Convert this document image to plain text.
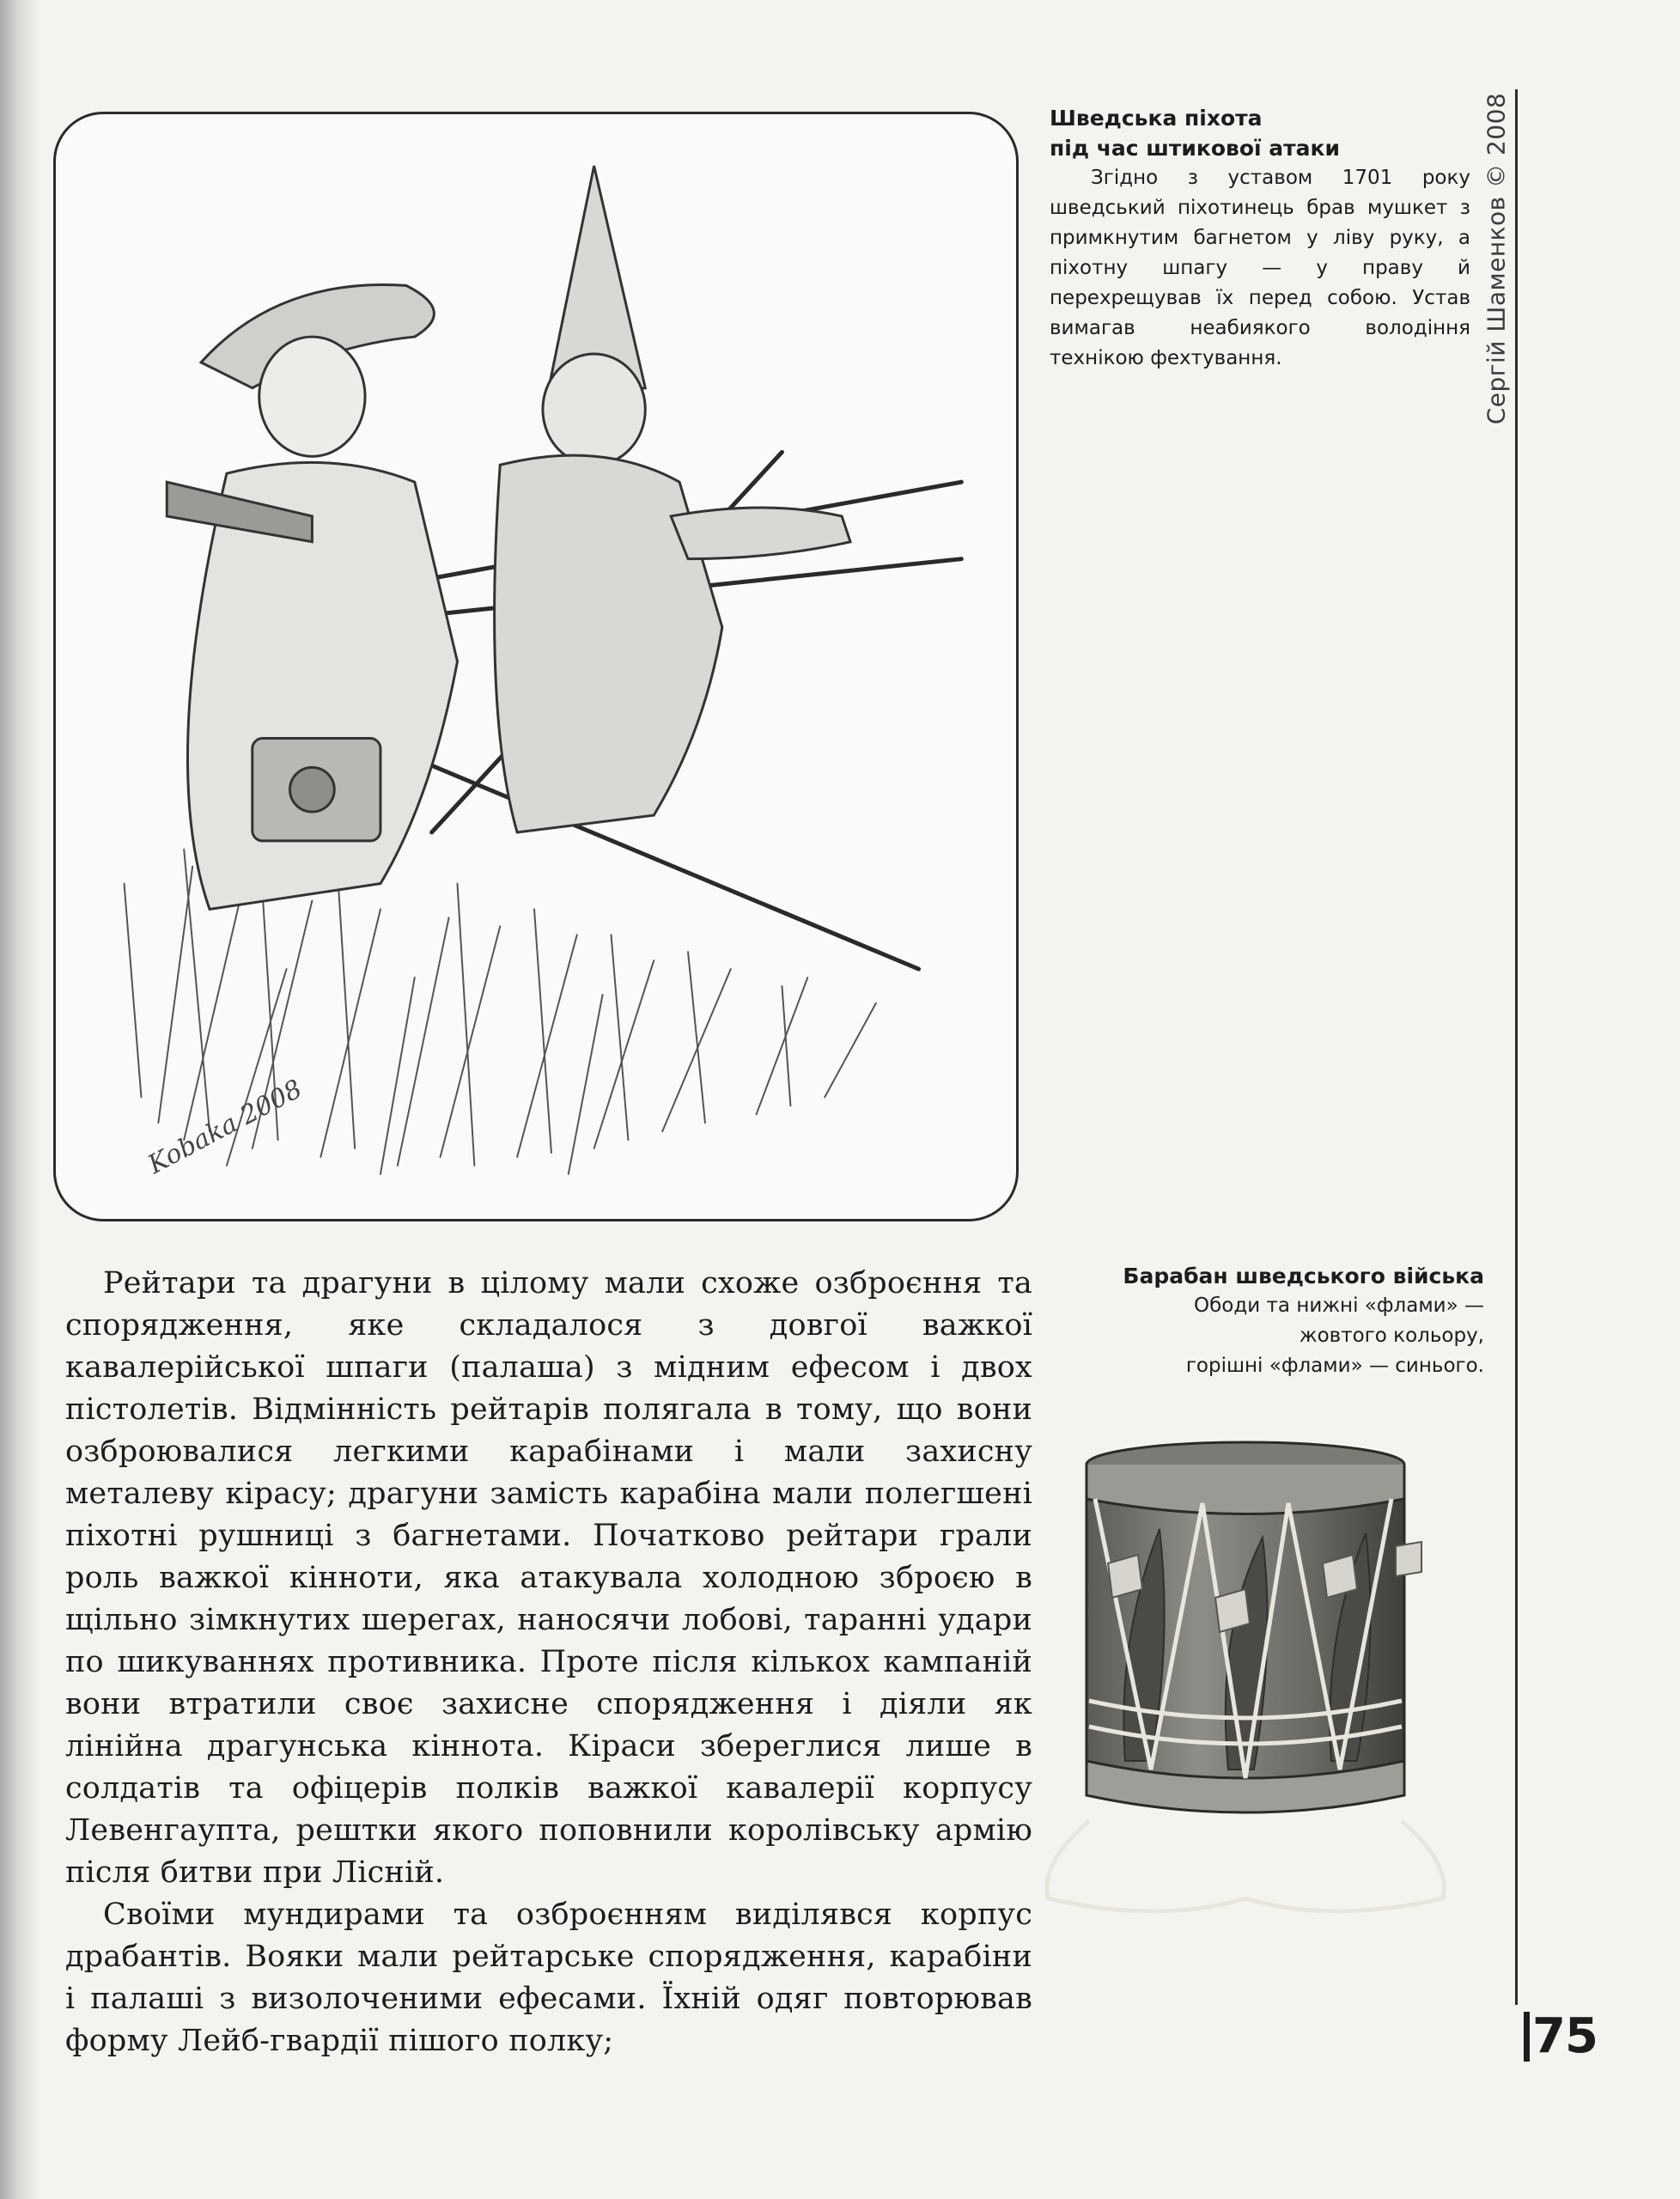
Kobaka 2008
Шведська піхота
під час штикової атаки
Згідно з уставом 1701 року шведський піхотинець брав мушкет з примкнутим багнетом у ліву руку, а піхотну шпагу — у праву й перехрещував їх перед собою. Устав вимагав неабиякого володіння технікою фехтування.	Сергій Шаменков © 2008
Барабан шведського війська
Ободи та нижні «флами» —
жовтого кольору,
горішні «флами» — синього.

Рейтари та драгуни в цілому мали схоже озброєння та спорядження, яке складалося з довгої важкої кавалерійської шпаги (палаша) з мідним ефесом і двох пістолетів. Відмінність рейтарів полягала в тому, що вони озброювалися легкими карабінами і мали захисну металеву кірасу; драгуни замість карабіна мали полегшені піхотні рушниці з багнетами. Початково рейтари грали роль важкої кінноти, яка атакувала холодною зброєю в щільно зімкнутих шерегах, наносячи лобові, таранні удари по шикуваннях противника. Проте після кількох кампаній вони втратили своє захисне спорядження і діяли як лінійна драгунська кіннота. Кіраси збереглися лише в солдатів та офіцерів полків важкої кавалерії корпусу Левенгаупта, рештки якого поповнили королівську армію після битви при Лісній.

Своїми мундирами та озброєнням виділявся корпус драбантів. Вояки мали рейтарське спорядження, карабіни і палаші з визолоченими ефесами. Їхній одяг повторював форму Лейб-гвардії пішого полку;	75
